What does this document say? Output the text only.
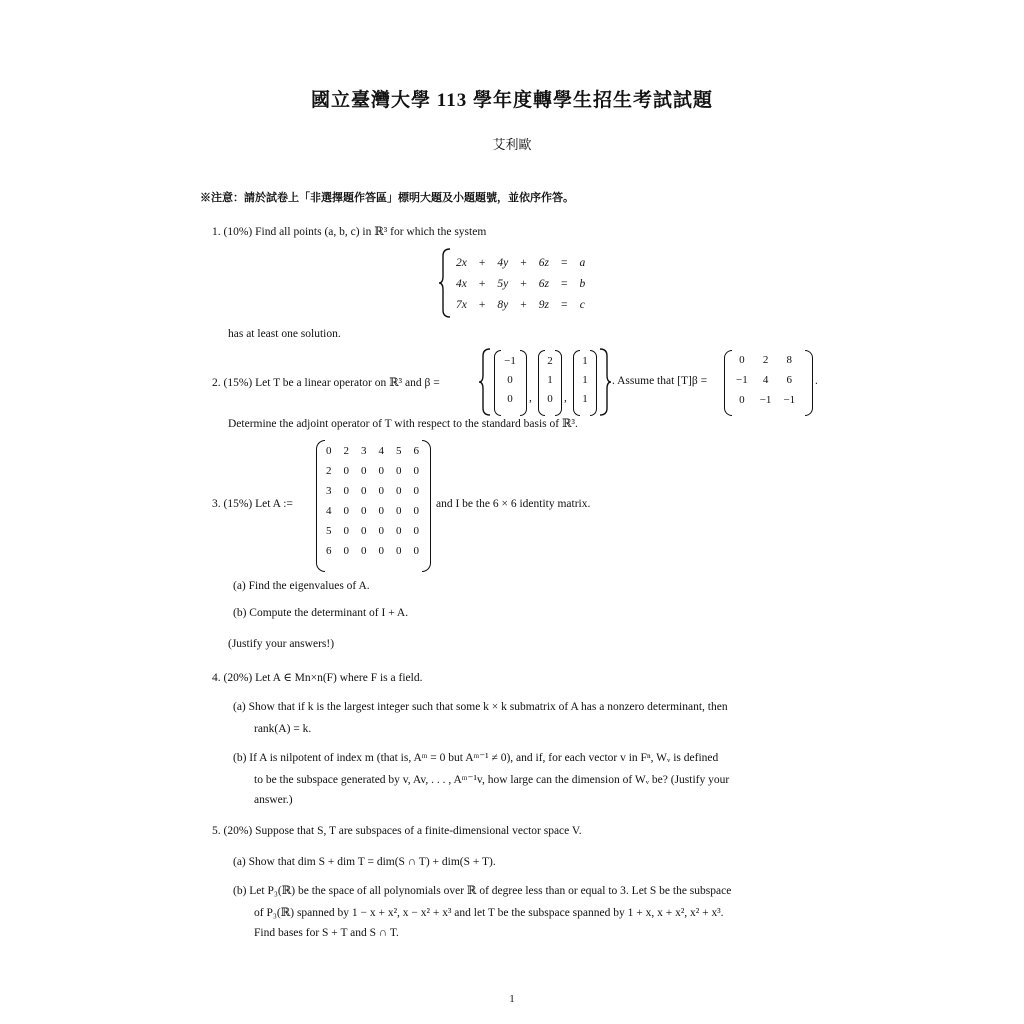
國立臺灣大學 113 學年度轉學生招生考試試題
艾利歐
※注意：請於試卷上「非選擇題作答區」標明大題及小題題號，並依序作答。
1. (10%) Find all points (a, b, c) in ℝ³ for which the system
2x	+	4y	+	6z	=	a
4x	+	5y	+	6z	=	b
7x	+	8y	+	9z	=	c
has at least one solution.
2. (15%) Let T be a linear operator on ℝ³ and β =
−1
0
0	,
2
1
0 ,
1
1
1
. Assume that [T]β =
0	2	8
−1	4	6
0	−1	−1
.
Determine the adjoint operator of T with respect to the standard basis of ℝ³.
3. (15%) Let A :=
0	2	3	4	5	6
2	0	0	0	0	0
3	0	0	0	0	0
4	0	0	0	0	0
5	0	0	0	0	0
6	0	0	0	0	0
and I be the 6 × 6 identity matrix.
(a) Find the eigenvalues of A.
(b) Compute the determinant of I + A.
(Justify your answers!)
4. (20%) Let A ∈ Mn×n(F) where F is a field.
(a) Show that if k is the largest integer such that some k × k submatrix of A has a nonzero determinant, then
rank(A) = k.
(b) If A is nilpotent of index m (that is, Aᵐ = 0 but Aᵐ⁻¹ ≠ 0), and if, for each vector v in Fⁿ, Wᵥ is defined
to be the subspace generated by v, Av, . . . , Aᵐ⁻¹v, how large can the dimension of Wᵥ be? (Justify your
answer.)
5. (20%) Suppose that S, T are subspaces of a finite-dimensional vector space V.
(a) Show that dim S + dim T = dim(S ∩ T) + dim(S + T).
(b) Let P₃(ℝ) be the space of all polynomials over ℝ of degree less than or equal to 3. Let S be the subspace
of P₃(ℝ) spanned by 1 − x + x², x − x² + x³ and let T be the subspace spanned by 1 + x, x + x², x² + x³.
Find bases for S + T and S ∩ T.
1
